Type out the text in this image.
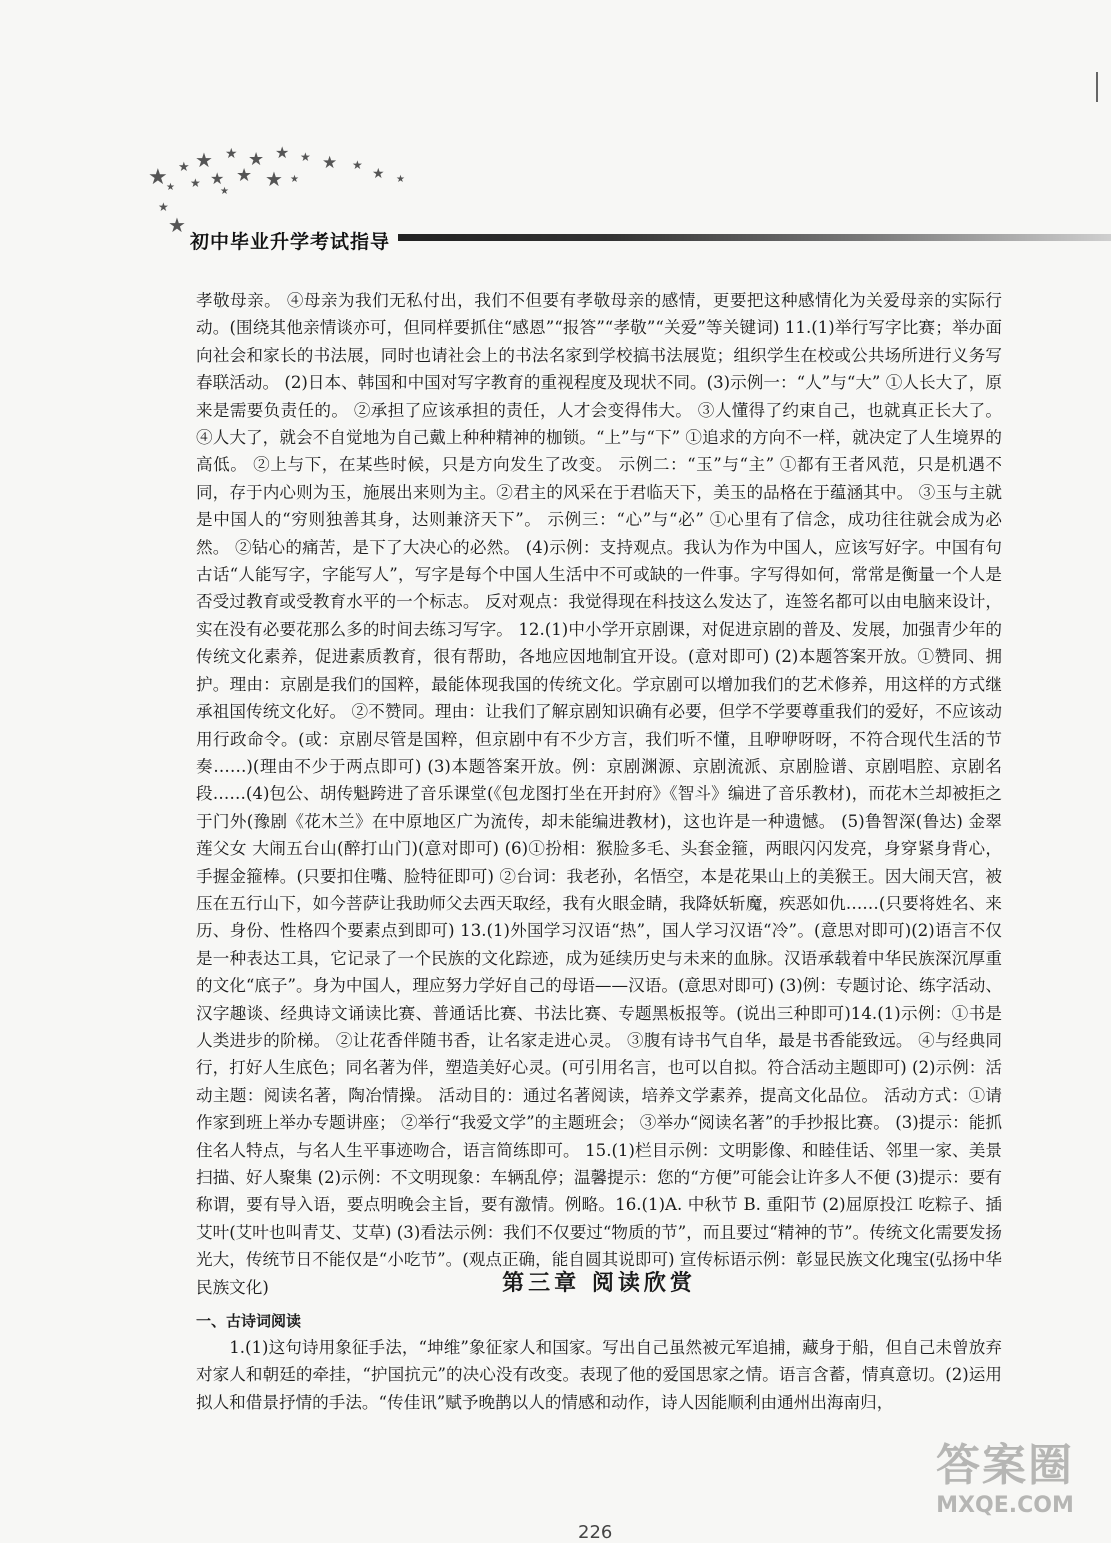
★ ★ ★ ★ ★ ★ ★ ★ ★
★ ★
★ ★ ★ ★ ★ ★
★
★
★
初中毕业升学考试指导

孝敬母亲。 ④母亲为我们无私付出，我们不但要有孝敬母亲的感情，更要把这种感情化为关爱母亲的实际行动。(围绕其他亲情谈亦可，但同样要抓住“感恩”“报答”“孝敬”“关爱”等关键词) 11.(1)举行写字比赛；举办面向社会和家长的书法展，同时也请社会上的书法名家到学校搞书法展览；组织学生在校或公共场所进行义务写春联活动。 (2)日本、韩国和中国对写字教育的重视程度及现状不同。(3)示例一：“人”与“大” ①人长大了，原来是需要负责任的。 ②承担了应该承担的责任，人才会变得伟大。 ③人懂得了约束自己，也就真正长大了。 ④人大了，就会不自觉地为自己戴上种种精神的枷锁。“上”与“下” ①追求的方向不一样，就决定了人生境界的高低。 ②上与下，在某些时候，只是方向发生了改变。 示例二：“玉”与“主” ①都有王者风范，只是机遇不同，存于内心则为玉，施展出来则为主。②君主的风采在于君临天下，美玉的品格在于蕴涵其中。 ③玉与主就是中国人的“穷则独善其身，达则兼济天下”。 示例三：“心”与“必” ①心里有了信念，成功往往就会成为必然。 ②钻心的痛苦，是下了大决心的必然。 (4)示例：支持观点。我认为作为中国人，应该写好字。中国有句古话“人能写字，字能写人”，写字是每个中国人生活中不可或缺的一件事。字写得如何，常常是衡量一个人是否受过教育或受教育水平的一个标志。 反对观点：我觉得现在科技这么发达了，连签名都可以由电脑来设计，实在没有必要花那么多的时间去练习写字。 12.(1)中小学开京剧课，对促进京剧的普及、发展，加强青少年的传统文化素养，促进素质教育，很有帮助，各地应因地制宜开设。(意对即可) (2)本题答案开放。①赞同、拥护。理由：京剧是我们的国粹，最能体现我国的传统文化。学京剧可以增加我们的艺术修养，用这样的方式继承祖国传统文化好。 ②不赞同。理由：让我们了解京剧知识确有必要，但学不学要尊重我们的爱好，不应该动用行政命令。(或：京剧尽管是国粹，但京剧中有不少方言，我们听不懂，且咿咿呀呀，不符合现代生活的节奏……)(理由不少于两点即可) (3)本题答案开放。例：京剧渊源、京剧流派、京剧脸谱、京剧唱腔、京剧名段……(4)包公、胡传魁跨进了音乐课堂(《包龙图打坐在开封府》《智斗》编进了音乐教材)，而花木兰却被拒之于门外(豫剧《花木兰》在中原地区广为流传，却未能编进教材)，这也许是一种遗憾。 (5)鲁智深(鲁达) 金翠莲父女 大闹五台山(醉打山门)(意对即可) (6)①扮相：猴脸多毛、头套金箍，两眼闪闪发亮，身穿紧身背心，手握金箍棒。(只要扣住嘴、脸特征即可) ②台词：我老孙，名悟空，本是花果山上的美猴王。因大闹天宫，被压在五行山下，如今菩萨让我助师父去西天取经，我有火眼金睛，我降妖斩魔，疾恶如仇……(只要将姓名、来历、身份、性格四个要素点到即可) 13.(1)外国学习汉语“热”，国人学习汉语“冷”。(意思对即可)(2)语言不仅是一种表达工具，它记录了一个民族的文化踪迹，成为延续历史与未来的血脉。汉语承载着中华民族深沉厚重的文化“底子”。身为中国人，理应努力学好自己的母语——汉语。(意思对即可) (3)例：专题讨论、练字活动、汉字趣谈、经典诗文诵读比赛、普通话比赛、书法比赛、专题黑板报等。(说出三种即可)14.(1)示例：①书是人类进步的阶梯。 ②让花香伴随书香，让名家走进心灵。 ③腹有诗书气自华，最是书香能致远。 ④与经典同行，打好人生底色；同名著为伴，塑造美好心灵。(可引用名言，也可以自拟。符合活动主题即可) (2)示例：活动主题：阅读名著，陶冶情操。 活动目的：通过名著阅读，培养文学素养，提高文化品位。 活动方式：①请作家到班上举办专题讲座； ②举行“我爱文学”的主题班会； ③举办“阅读名著”的手抄报比赛。 (3)提示：能抓住名人特点，与名人生平事迹吻合，语言简练即可。 15.(1)栏目示例：文明影像、和睦佳话、邻里一家、美景扫描、好人聚集 (2)示例：不文明现象：车辆乱停；温馨提示：您的“方便”可能会让许多人不便 (3)提示：要有称谓，要有导入语，要点明晚会主旨，要有激情。例略。16.(1)A. 中秋节 B. 重阳节 (2)屈原投江 吃粽子、插艾叶(艾叶也叫青艾、艾草) (3)看法示例：我们不仅要过“物质的节”，而且要过“精神的节”。传统文化需要发扬光大，传统节日不能仅是“小吃节”。(观点正确，能自圆其说即可) 宣传标语示例：彰显民族文化瑰宝(弘扬中华民族文化)	第三章 阅读欣赏
一、古诗词阅读

1.(1)这句诗用象征手法，“坤维”象征家人和国家。写出自己虽然被元军追捕，藏身于船，但自己未曾放弃对家人和朝廷的牵挂，“护国抗元”的决心没有改变。表现了他的爱国思家之情。语言含蓄，情真意切。(2)运用拟人和借景抒情的手法。“传佳讯”赋予晚鹊以人的情感和动作，诗人因能顺利由通州出海南归，

226
答案圈
MXQE.COM
